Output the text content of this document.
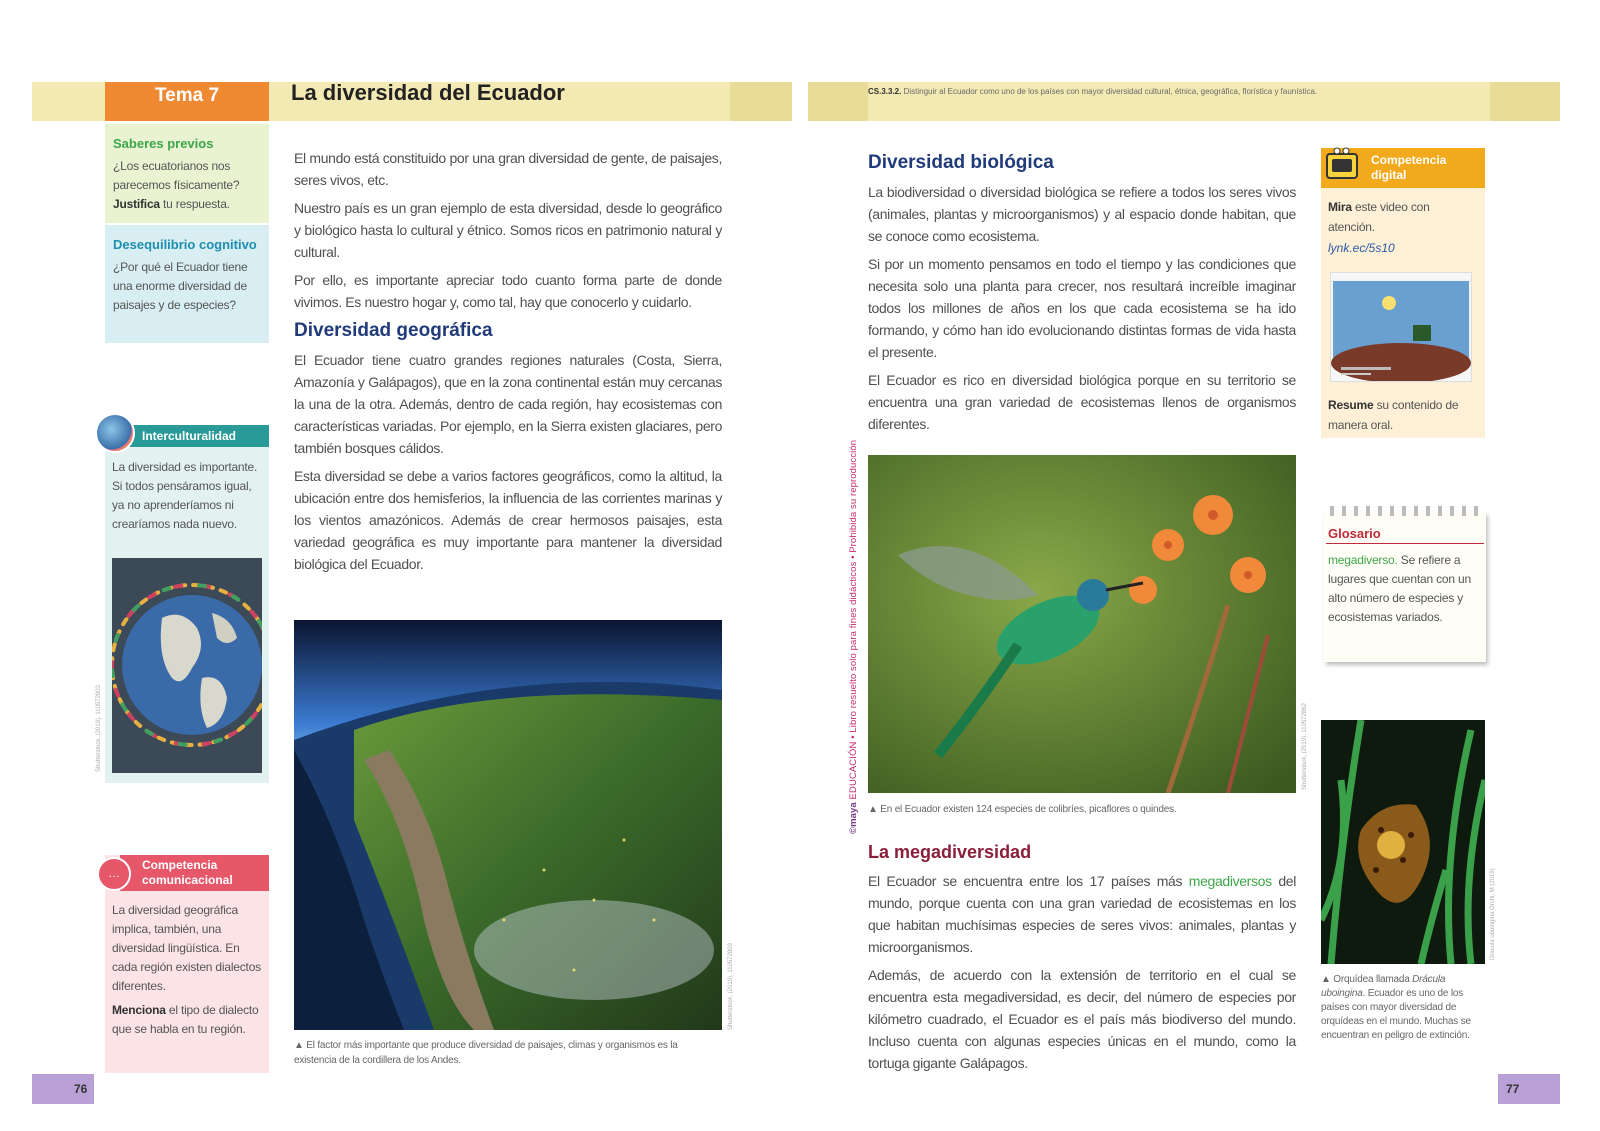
Tema 7	La diversidad del Ecuador	CS.3.3.2. Distinguir al Ecuador como uno de los países con mayor diversidad cultural, étnica, geográfica, florística y faunística.
Saberes previos
¿Los ecuatorianos nos parecemos físicamente? Justifica tu respuesta.
Desequilibrio cognitivo
¿Por qué el Ecuador tiene una enorme diversidad de paisajes y de especies?
Interculturalidad
La diversidad es importante. Si todos pensáramos igual, ya no aprenderíamos ni crearíamos nada nuevo.
Competencia
comunicacional
…

La diversidad geográfica implica, también, una diversidad lingüística. En cada región existen dialectos diferentes.

Menciona el tipo de dialecto que se habla en tu región.

El mundo está constituido por una gran diversidad de gente, de paisajes, seres vivos, etc.

Nuestro país es un gran ejemplo de esta diversidad, desde lo geográfico y biológico hasta lo cultural y étnico. Somos ricos en patrimonio natural y cultural.

Por ello, es importante apreciar todo cuanto forma parte de donde vivimos. Es nuestro hogar y, como tal, hay que conocerlo y cuidarlo.

Diversidad geográfica

El Ecuador tiene cuatro grandes regiones naturales (Costa, Sierra, Amazonía y Galápagos), que en la zona continental están muy cercanas la una de la otra. Además, dentro de cada región, hay ecosistemas con características variadas. Por ejemplo, en la Sierra existen glaciares, pero también bosques cálidos.

Esta diversidad se debe a varios factores geográficos, como la altitud, la ubicación entre dos hemisferios, la influencia de las corrientes marinas y los vientos amazónicos. Además de crear hermosos paisajes, esta variedad geográfica es muy importante para mantener la diversidad biológica del Ecuador.

▲ El factor más importante que produce diversidad de paisajes, climas y organismos es la existencia de la cordillera de los Andes.
©maya EDUCACIÓN • Libro resuelto solo para fines didácticos • Prohibida su reproducción
Diversidad biológica

La biodiversidad o diversidad biológica se refiere a todos los seres vivos (animales, plantas y microorganismos) y al espacio donde habitan, que se conoce como ecosistema.

Si por un momento pensamos en todo el tiempo y las condiciones que necesita solo una planta para crecer, nos resultará increíble imaginar todos los millones de años en los que cada ecosistema se ha ido formando, y cómo han ido evolucionando distintas formas de vida hasta el presente.

El Ecuador es rico en diversidad biológica porque en su territorio se encuentra una gran variedad de ecosistemas llenos de organismos diferentes.

▲ En el Ecuador existen 124 especies de colibríes, picaflores o quindes.
La megadiversidad

El Ecuador se encuentra entre los 17 países más megadiversos del mundo, porque cuenta con una gran variedad de ecosistemas en los que habitan muchísimas especies de seres vivos: animales, plantas y microorganismos.

Además, de acuerdo con la extensión de territorio en el cual se encuentra esta megadiversidad, es decir, del número de especies por kilómetro cuadrado, el Ecuador es el país más biodiverso del mundo. Incluso cuenta con algunas especies únicas en el mundo, como la tortuga gigante Galápagos.

Competencia
digital
Mira este video con atención.
lynk.ec/5s10
Resume su contenido de manera oral.
Glosario
megadiverso. Se refiere a lugares que cuentan con un alto número de especies y ecosistemas variados.
▲ Orquídea llamada Drácula uboingina. Ecuador es uno de los países con mayor diversidad de orquídeas en el mundo. Muchas se encuentran en peligro de extinción.
Shutterstock, (2019). 110572803
Shutterstock, (2019). 110572803
Shutterstock, (2019). 110572862
Dracula uboingina Orchi, M (2019)
76	77
